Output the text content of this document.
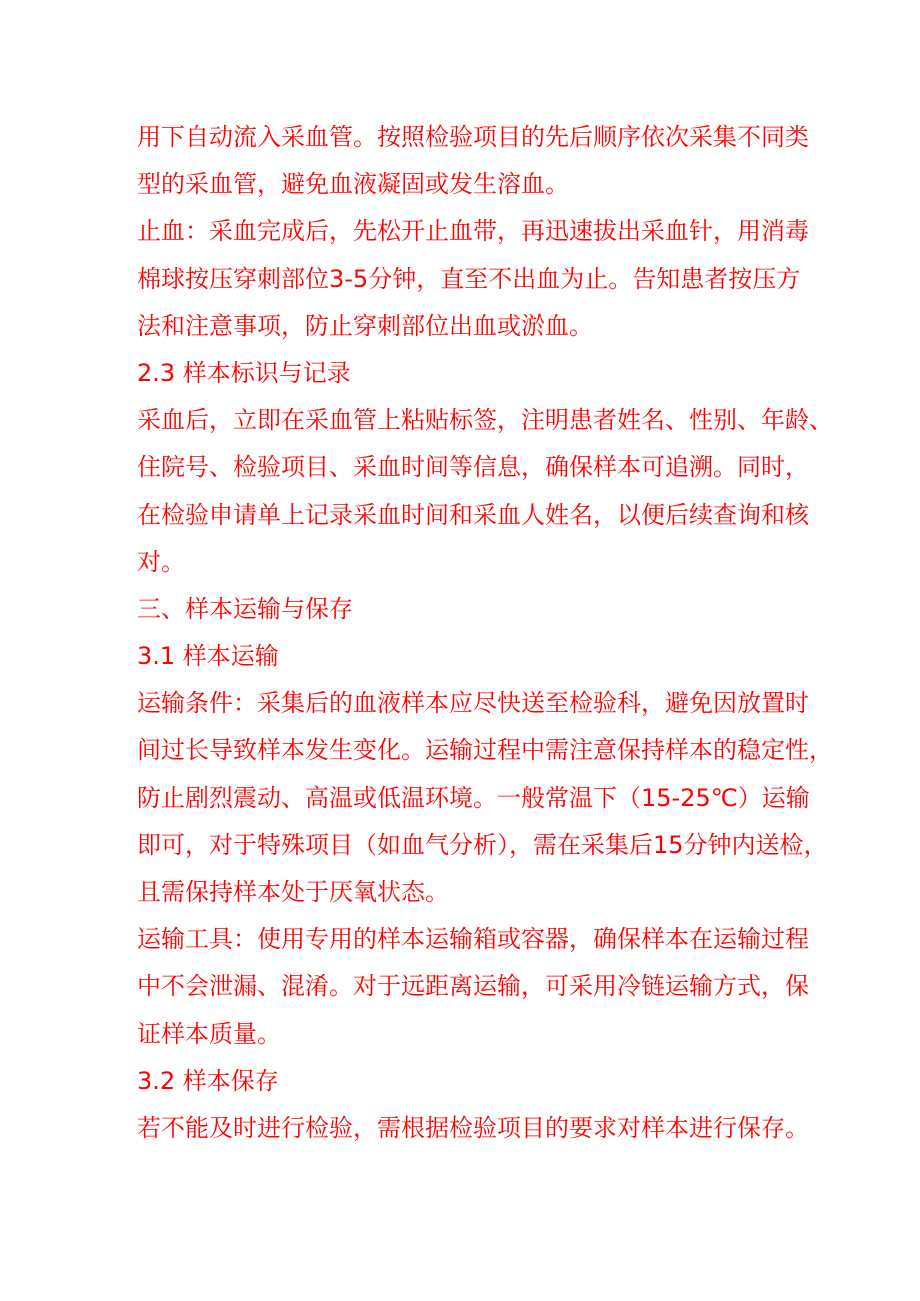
用下自动流入采血管。按照检验项目的先后顺序依次采集不同类
型的采血管，避免血液凝固或发生溶血。
止血：采血完成后，先松开止血带，再迅速拔出采血针，用消毒
棉球按压穿刺部位3-5分钟，直至不出血为止。告知患者按压方
法和注意事项，防止穿刺部位出血或淤血。
2.3 样本标识与记录
采血后，立即在采血管上粘贴标签，注明患者姓名、性别、年龄、
住院号、检验项目、采血时间等信息，确保样本可追溯。同时，
在检验申请单上记录采血时间和采血人姓名，以便后续查询和核
对。
三、样本运输与保存
3.1 样本运输
运输条件：采集后的血液样本应尽快送至检验科，避免因放置时
间过长导致样本发生变化。运输过程中需注意保持样本的稳定性，
防止剧烈震动、高温或低温环境。一般常温下（15-25℃）运输
即可，对于特殊项目（如血气分析），需在采集后15分钟内送检，
且需保持样本处于厌氧状态。
运输工具：使用专用的样本运输箱或容器，确保样本在运输过程
中不会泄漏、混淆。对于远距离运输，可采用冷链运输方式，保
证样本质量。
3.2 样本保存
若不能及时进行检验，需根据检验项目的要求对样本进行保存。
